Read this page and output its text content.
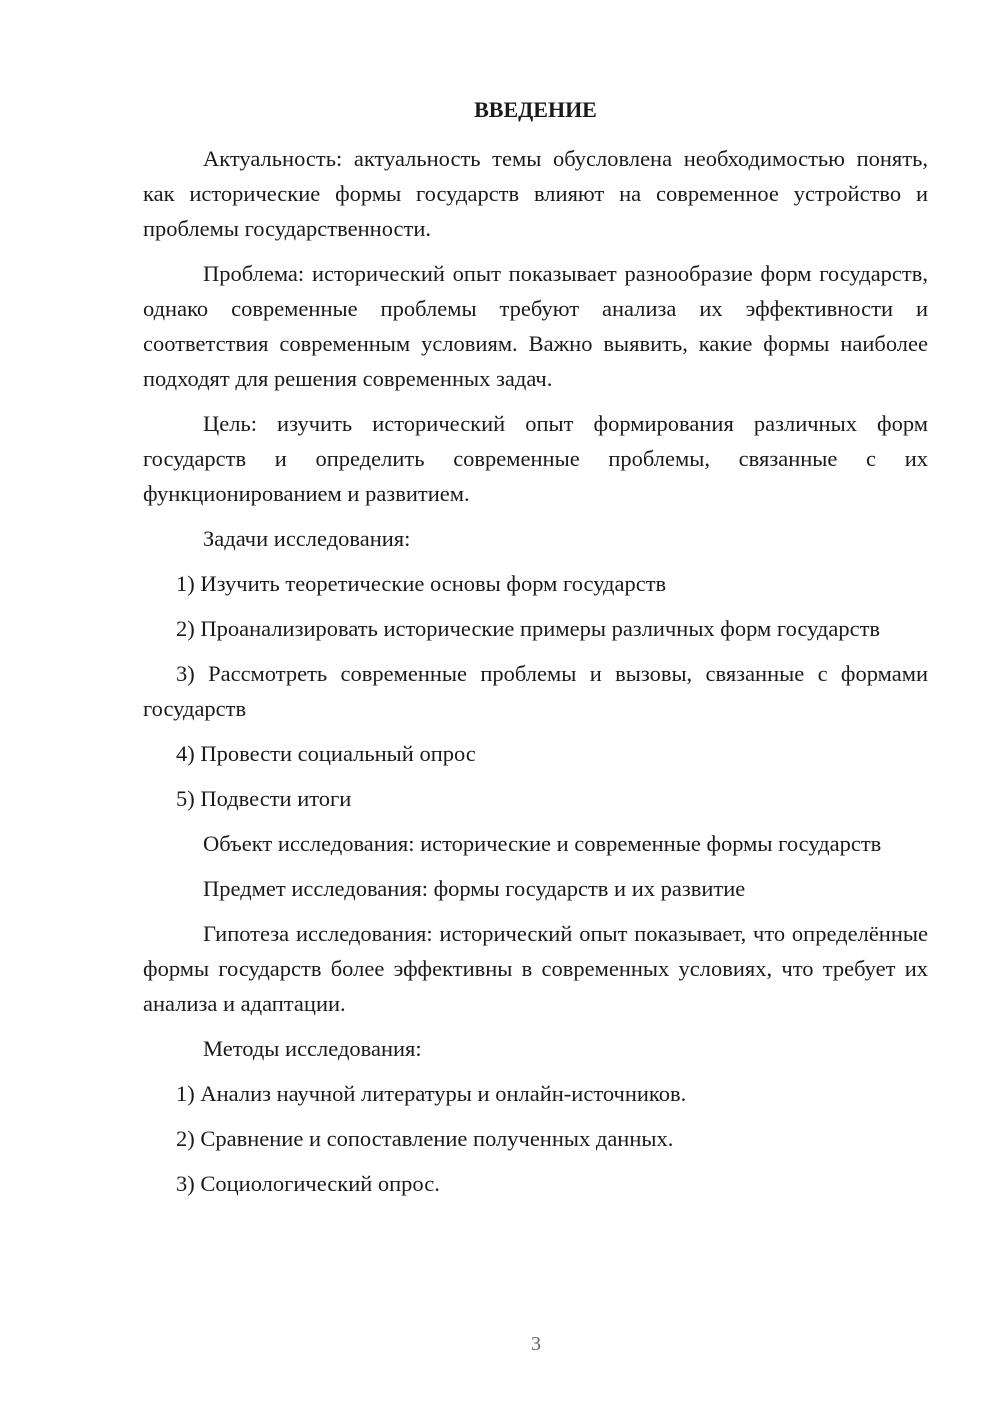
ВВЕДЕНИЕ

Актуальность: актуальность темы обусловлена необходимостью понять, как исторические формы государств влияют на современное устройство и проблемы государственности.

Проблема: исторический опыт показывает разнообразие форм государств, однако современные проблемы требуют анализа их эффективности и соответствия современным условиям. Важно выявить, какие формы наиболее подходят для решения современных задач.

Цель: изучить исторический опыт формирования различных форм государств и определить современные проблемы, связанные с их функционированием и развитием.

Задачи исследования:

1) Изучить теоретические основы форм государств

2) Проанализировать исторические примеры различных форм государств

3) Рассмотреть современные проблемы и вызовы, связанные с формами государств

4) Провести социальный опрос

5) Подвести итоги

Объект исследования: исторические и современные формы государств

Предмет исследования: формы государств и их развитие

Гипотеза исследования: исторический опыт показывает, что определённые формы государств более эффективны в современных условиях, что требует их анализа и адаптации.

Методы исследования:

1) Анализ научной литературы и онлайн-источников.

2) Сравнение и сопоставление полученных данных.

3) Социологический опрос.

3
